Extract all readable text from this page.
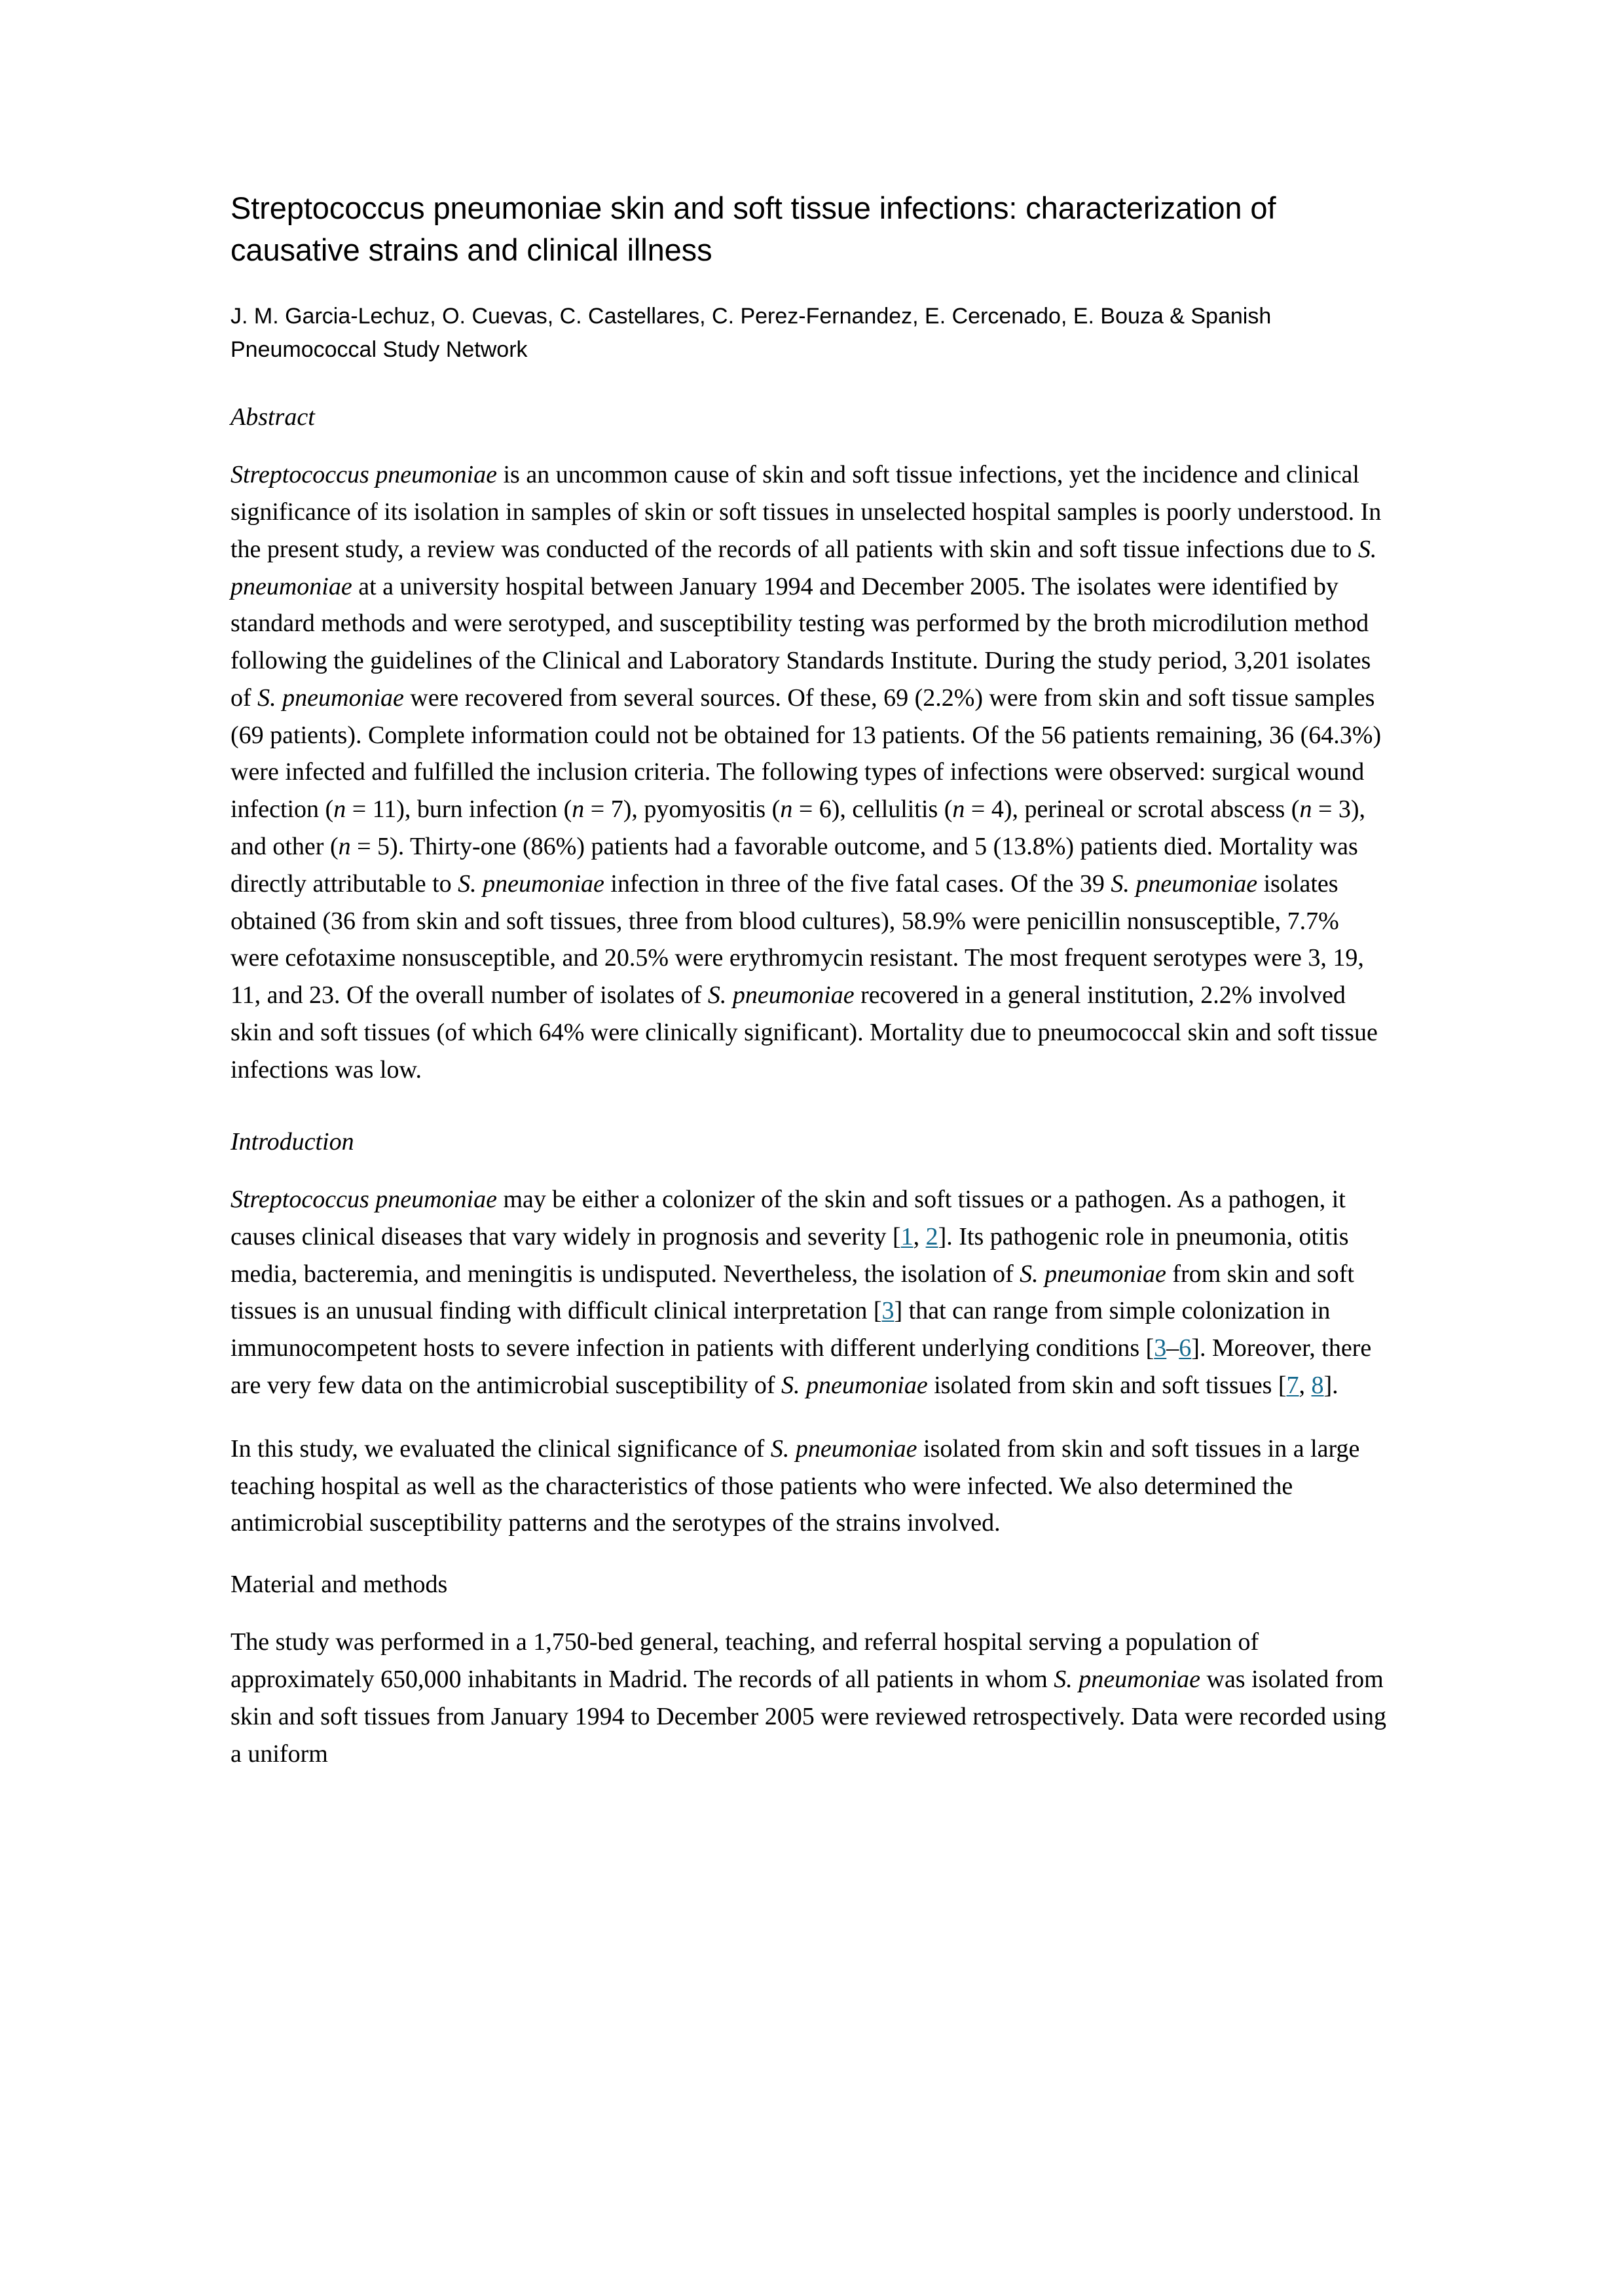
Streptococcus pneumoniae skin and soft tissue infections: characterization of causative strains and clinical illness
J. M. Garcia-Lechuz, O. Cuevas, C. Castellares, C. Perez-Fernandez, E. Cercenado, E. Bouza & Spanish Pneumococcal Study Network
Abstract

Streptococcus pneumoniae is an uncommon cause of skin and soft tissue infections, yet the incidence and clinical significance of its isolation in samples of skin or soft tissues in unselected hospital samples is poorly understood. In the present study, a review was conducted of the records of all patients with skin and soft tissue infections due to S. pneumoniae at a university hospital between January 1994 and December 2005. The isolates were identified by standard methods and were serotyped, and susceptibility testing was performed by the broth microdilution method following the guidelines of the Clinical and Laboratory Standards Institute. During the study period, 3,201 isolates of S. pneumoniae were recovered from several sources. Of these, 69 (2.2%) were from skin and soft tissue samples (69 patients). Complete information could not be obtained for 13 patients. Of the 56 patients remaining, 36 (64.3%) were infected and fulfilled the inclusion criteria. The following types of infections were observed: surgical wound infection (n = 11), burn infection (n = 7), pyomyositis (n = 6), cellulitis (n = 4), perineal or scrotal abscess (n = 3), and other (n = 5). Thirty-one (86%) patients had a favorable outcome, and 5 (13.8%) patients died. Mortality was directly attributable to S. pneumoniae infection in three of the five fatal cases. Of the 39 S. pneumoniae isolates obtained (36 from skin and soft tissues, three from blood cultures), 58.9% were penicillin nonsusceptible, 7.7% were cefotaxime nonsusceptible, and 20.5% were erythromycin resistant. The most frequent serotypes were 3, 19, 11, and 23. Of the overall number of isolates of S. pneumoniae recovered in a general institution, 2.2% involved skin and soft tissues (of which 64% were clinically significant). Mortality due to pneumococcal skin and soft tissue infections was low.

Introduction

Streptococcus pneumoniae may be either a colonizer of the skin and soft tissues or a pathogen. As a pathogen, it causes clinical diseases that vary widely in prognosis and severity [1, 2]. Its pathogenic role in pneumonia, otitis media, bacteremia, and meningitis is undisputed. Nevertheless, the isolation of S. pneumoniae from skin and soft tissues is an unusual finding with difficult clinical interpretation [3] that can range from simple colonization in immunocompetent hosts to severe infection in patients with different underlying conditions [3–6]. Moreover, there are very few data on the antimicrobial susceptibility of S. pneumoniae isolated from skin and soft tissues [7, 8].

In this study, we evaluated the clinical significance of S. pneumoniae isolated from skin and soft tissues in a large teaching hospital as well as the characteristics of those patients who were infected. We also determined the antimicrobial susceptibility patterns and the serotypes of the strains involved.

Material and methods

The study was performed in a 1,750-bed general, teaching, and referral hospital serving a population of approximately 650,000 inhabitants in Madrid. The records of all patients in whom S. pneumoniae was isolated from skin and soft tissues from January 1994 to December 2005 were reviewed retrospectively. Data were recorded using a uniform
